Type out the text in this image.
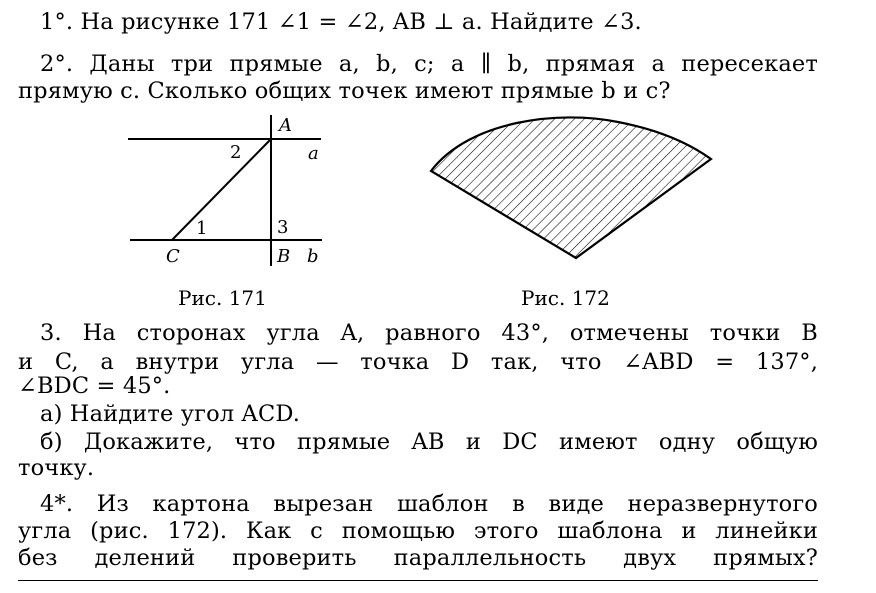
1°. На рисунке 171 ∠1 = ∠2, AB ⊥ a. Найдите ∠3.
2°. Даны три прямые a, b, c; a ∥ b, прямая a пересекает
прямую c. Сколько общих точек имеют прямые b и c?
A
a
2
1	3
C	B b
Рис. 171	Рис. 172
3. На сторонах угла A, равного 43°, отмечены точки B
и C, а внутри угла — точка D так, что ∠ABD = 137°,
∠BDC = 45°.
а) Найдите угол ACD.
б) Докажите, что прямые AB и DC имеют одну общую
точку.
4*. Из картона вырезан шаблон в виде неразвернутого
угла (рис. 172). Как с помощью этого шаблона и линейки
без делений проверить параллельность двух прямых?
